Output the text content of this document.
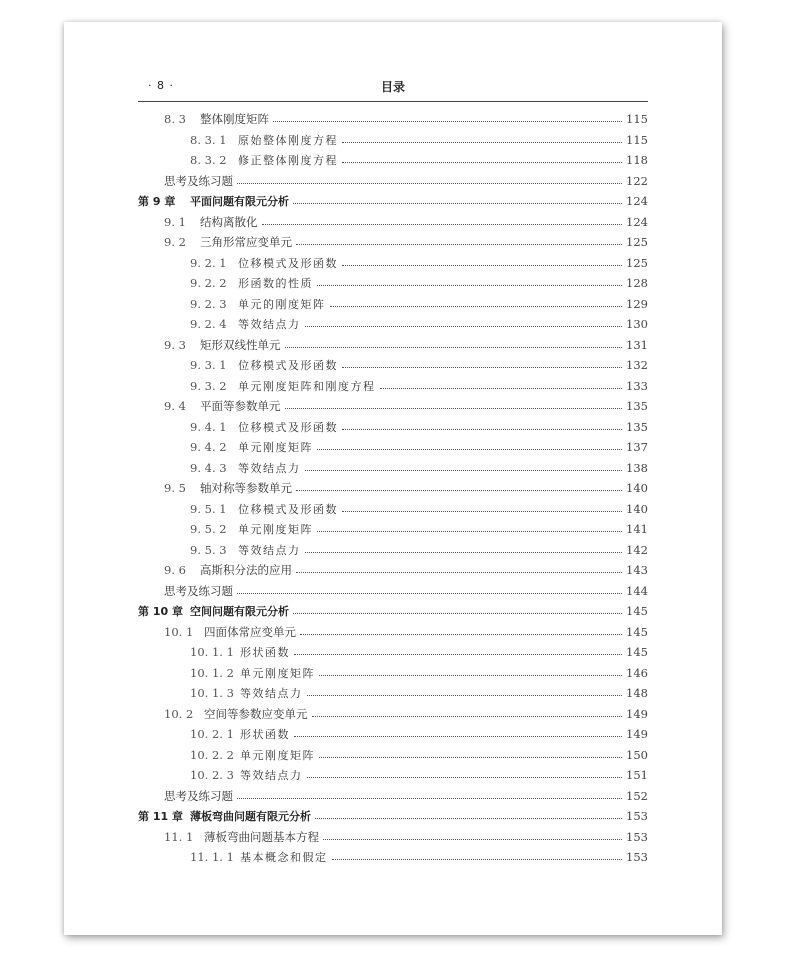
· 8 ·	目录
8. 3	整体刚度矩阵	115
8. 3. 1	原始整体刚度方程	115
8. 3. 2	修正整体刚度方程	118
思考及练习题	122
第 9 章	平面问题有限元分析	124
9. 1	结构离散化	124
9. 2	三角形常应变单元	125
9. 2. 1	位移模式及形函数	125
9. 2. 2	形函数的性质	128
9. 2. 3	单元的刚度矩阵	129
9. 2. 4	等效结点力	130
9. 3	矩形双线性单元	131
9. 3. 1	位移模式及形函数	132
9. 3. 2	单元刚度矩阵和刚度方程	133
9. 4	平面等参数单元	135
9. 4. 1	位移模式及形函数	135
9. 4. 2	单元刚度矩阵	137
9. 4. 3	等效结点力	138
9. 5	轴对称等参数单元	140
9. 5. 1	位移模式及形函数	140
9. 5. 2	单元刚度矩阵	141
9. 5. 3	等效结点力	142
9. 6	高斯积分法的应用	143
思考及练习题	144
第 10 章 空间问题有限元分析	145
10. 1 四面体常应变单元	145
10. 1. 1 形状函数	145
10. 1. 2 单元刚度矩阵	146
10. 1. 3 等效结点力	148
10. 2 空间等参数应变单元	149
10. 2. 1 形状函数	149
10. 2. 2 单元刚度矩阵	150
10. 2. 3 等效结点力	151
思考及练习题	152
第 11 章 薄板弯曲问题有限元分析	153
11. 1 薄板弯曲问题基本方程	153
11. 1. 1 基本概念和假定	153
